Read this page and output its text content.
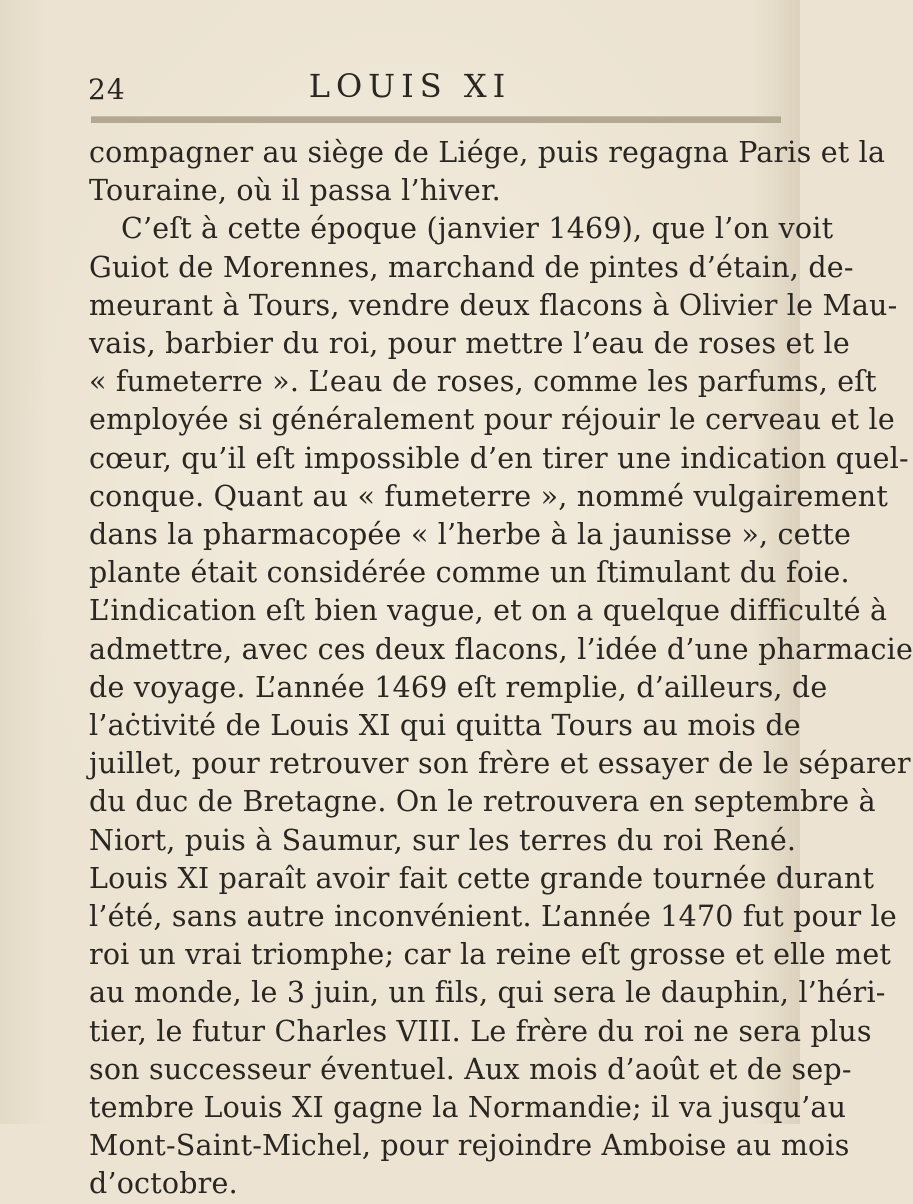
24	LOUIS XI
compagner au siège de Liége, puis regagna Paris et la
Touraine, où il passa l’hiver.
C’eſt à cette époque (janvier 1469), que l’on voit
Guiot de Morennes, marchand de pintes d’étain, de-
meurant à Tours, vendre deux flacons à Olivier le Mau-
vais, barbier du roi, pour mettre l’eau de roses et le
« fumeterre ». L’eau de roses, comme les parfums, eſt
employée si généralement pour réjouir le cerveau et le
cœur, qu’il eſt impossible d’en tirer une indication quel-
conque. Quant au « fumeterre », nommé vulgairement
dans la pharmacopée « l’herbe à la jaunisse », cette
plante était considérée comme un ſtimulant du foie.
L’indication eſt bien vague, et on a quelque difficulté à
admettre, avec ces deux flacons, l’idée d’une pharmacie
de voyage. L’année 1469 eſt remplie, d’ailleurs, de
l’aċtivité de Louis XI qui quitta Tours au mois de
juillet, pour retrouver son frère et essayer de le séparer
du duc de Bretagne. On le retrouvera en septembre à
Niort, puis à Saumur, sur les terres du roi René.
Louis XI paraît avoir fait cette grande tournée durant
l’été, sans autre inconvénient. L’année 1470 fut pour le
roi un vrai triomphe; car la reine eſt grosse et elle met
au monde, le 3 juin, un fils, qui sera le dauphin, l’héri-
tier, le futur Charles VIII. Le frère du roi ne sera plus
son successeur éventuel. Aux mois d’août et de sep-
tembre Louis XI gagne la Normandie; il va jusqu’au
Mont-Saint-Michel, pour rejoindre Amboise au mois
d’octobre.
